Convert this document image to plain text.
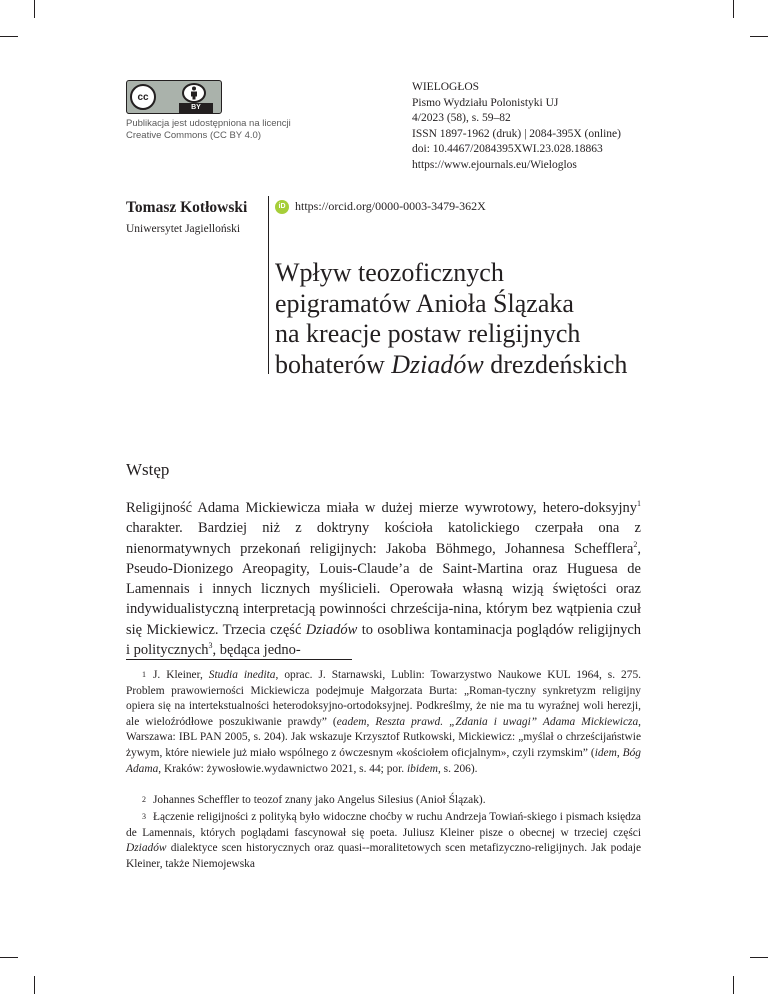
cc
BY
Publikacja jest udostępniona na licencji
Creative Commons (CC BY 4.0)
WIELOGŁOS
Pismo Wydziału Polonistyki UJ
4/2023 (58), s. 59–82
ISSN 1897-1962 (druk) | 2084-395X (online)
doi: 10.4467/2084395XWI.23.028.18863
https://www.ejournals.eu/Wieloglos
Tomasz Kotłowski
Uniwersytet Jagielloński
iD https://orcid.org/0000-0003-3479-362X
Wpływ teozoficznych
epigramatów Anioła Ślązaka
na kreacje postaw religijnych
bohaterów Dziadów drezdeńskich
Wstęp
Religijność Adama Mickiewicza miała w dużej mierze wywrotowy, hetero-doksyjny$^1$ charakter. Bardziej niż z doktryny kościoła katolickiego czerpała ona z nienormatywnych przekonań religijnych: Jakoba Böhmego, Johannesa Schefflera$^2$, Pseudo-Dionizego Areopagity, Louis-Claude’a de Saint-Martina oraz Huguesa de Lamennais i innych licznych myślicieli. Operowała własną wizją świętości oraz indywidualistyczną interpretacją powinności chrześcija-nina, którym bez wątpienia czuł się Mickiewicz. Trzecia część Dziadów to osobliwa kontaminacja poglądów religijnych i politycznych$^3$, będąca jedno-
1 J. Kleiner, Studia inedita, oprac. J. Starnawski, Lublin: Towarzystwo Naukowe KUL 1964, s. 275. Problem prawowierności Mickiewicza podejmuje Małgorzata Burta: „Roman-tyczny synkretyzm religijny opiera się na intertekstualności heterodoksyjno-ortodoksyjnej. Podkreślmy, że nie ma tu wyraźnej woli herezji, ale wieloźródłowe poszukiwanie prawdy” (eadem, Reszta prawd. „Zdania i uwagi” Adama Mickiewicza, Warszawa: IBL PAN 2005, s. 204). Jak wskazuje Krzysztof Rutkowski, Mickiewicz: „myślał o chrześcijaństwie żywym, które niewiele już miało wspólnego z ówczesnym «kościołem oficjalnym», czyli rzymskim” (idem, Bóg Adama, Kraków: żywosłowie.wydawnictwo 2021, s. 44; por. ibidem, s. 206).
2 Johannes Scheffler to teozof znany jako Angelus Silesius (Anioł Ślązak).
3 Łączenie religijności z polityką było widoczne choćby w ruchu Andrzeja Towiań-skiego i pismach księdza de Lamennais, których poglądami fascynował się poeta. Juliusz Kleiner pisze o obecnej w trzeciej części Dziadów dialektyce scen historycznych oraz quasi--moralitetowych scen metafizyczno-religijnych. Jak podaje Kleiner, także Niemojewska
